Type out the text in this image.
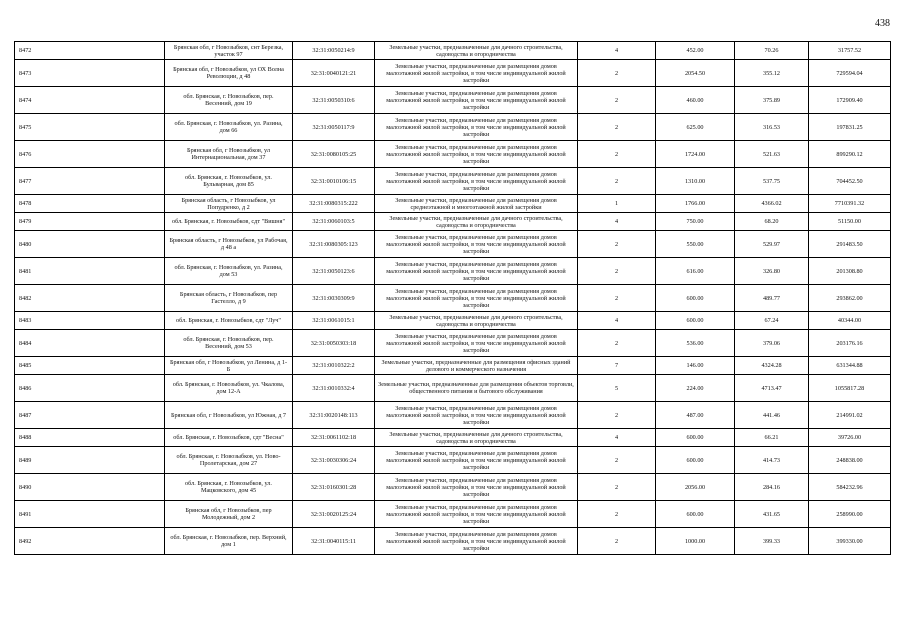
438
8472	Брянская обл, г Новозыбков, снт Березка, участок 97	32:31:0050214:9	Земельные участки, предназначенные для дачного строительства, садоводства и огородничества	4	452.00	70.26	31757.52
8473	Брянская обл, г Новозыбков, ул ОХ Волна Революции, д 48	32:31:0040121:21	Земельные участки, предназначенные для размещения домов малоэтажной жилой застройки, в том числе индивидуальной жилой застройки	2	2054.50	355.12	729594.04
8474	обл. Брянская, г. Новозыбков, пер. Весенний, дом 19	32:31:0050310:6	Земельные участки, предназначенные для размещения домов малоэтажной жилой застройки, в том числе индивидуальной жилой застройки	2	460.00	375.89	172909.40
8475	обл. Брянская, г. Новозыбков, ул. Разина, дом 66	32:31:0050117:9	Земельные участки, предназначенные для размещения домов малоэтажной жилой застройки, в том числе индивидуальной жилой застройки	2	625.00	316.53	197831.25
8476	Брянская обл, г Новозыбков, ул Интернациональная, дом 37	32:31:0080105:25	Земельные участки, предназначенные для размещения домов малоэтажной жилой застройки, в том числе индивидуальной жилой застройки	2	1724.00	521.63	899290.12
8477	обл. Брянская, г. Новозыбков, ул. Бульварная, дом 85	32:31:0010106:15	Земельные участки, предназначенные для размещения домов малоэтажной жилой застройки, в том числе индивидуальной жилой застройки	2	1310.00	537.75	704452.50
8478	Брянская область, г Новозыбков, ул Попудренко, д 2	32:31:0080315:222	Земельные участки, предназначенные для размещения домов среднеэтажной и многоэтажной жилой застройки	1	1766.00	4366.02	7710391.32
8479	обл. Брянская, г. Новозыбков, сдт "Вишня"	32:31:0060103:5	Земельные участки, предназначенные для дачного строительства, садоводства и огородничества	4	750.00	68.20	51150.00
8480	Брянская область, г Новозыбков, ул Рабочая, д 48 а	32:31:0080305:123	Земельные участки, предназначенные для размещения домов малоэтажной жилой застройки, в том числе индивидуальной жилой застройки	2	550.00	529.97	291483.50
8481	обл. Брянская, г. Новозыбков, ул. Разина, дом 53	32:31:0050123:6	Земельные участки, предназначенные для размещения домов малоэтажной жилой застройки, в том числе индивидуальной жилой застройки	2	616.00	326.80	201308.80
8482	Брянская область, г Новозыбков, пер Гастелло, д 9	32:31:0030309:9	Земельные участки, предназначенные для размещения домов малоэтажной жилой застройки, в том числе индивидуальной жилой застройки	2	600.00	489.77	293862.00
8483	обл. Брянская, г. Новозыбков, сдт "Луч"	32:31:0061015:1	Земельные участки, предназначенные для дачного строительства, садоводства и огородничества	4	600.00	67.24	40344.00
8484	обл. Брянская, г. Новозыбков, пер. Весенний, дом 53	32:31:0050303:18	Земельные участки, предназначенные для размещения домов малоэтажной жилой застройки, в том числе индивидуальной жилой застройки	2	536.00	379.06	203176.16
8485	Брянская обл, г Новозыбков, ул Ленина, д 1-Б	32:31:0010322:2	Земельные участки, предназначенные для размещения офисных зданий делового и коммерческого назначения	7	146.00	4324.28	631344.88
8486	обл. Брянская, г. Новозыбков, ул. Чкалова, дом 12-А	32:31:0010332:4	Земельные участки, предназначенные для размещения объектов торговли, общественного питания и бытового обслуживания	5	224.00	4713.47	1055817.28
8487	Брянская обл, г Новозыбков, ул Южная, д 7	32:31:0020148:113	Земельные участки, предназначенные для размещения домов малоэтажной жилой застройки, в том числе индивидуальной жилой застройки	2	487.00	441.46	214991.02
8488	обл. Брянская, г. Новозыбков, сдт "Весна"	32:31:0061102:18	Земельные участки, предназначенные для дачного строительства, садоводства и огородничества	4	600.00	66.21	39726.00
8489	обл. Брянская, г. Новозыбков, ул. Ново-Пролетарская, дом 27	32:31:0030306:24	Земельные участки, предназначенные для размещения домов малоэтажной жилой застройки, в том числе индивидуальной жилой застройки	2	600.00	414.73	248838.00
8490	обл. Брянская, г. Новозыбков, ул. Мацковского, дом 45	32:31:0160301:28	Земельные участки, предназначенные для размещения домов малоэтажной жилой застройки, в том числе индивидуальной жилой застройки	2	2056.00	284.16	584232.96
8491	Брянская обл, г Новозыбков, пер Молодежный, дом 2	32:31:0020125:24	Земельные участки, предназначенные для размещения домов малоэтажной жилой застройки, в том числе индивидуальной жилой застройки	2	600.00	431.65	258990.00
8492	обл. Брянская, г. Новозыбков, пер. Верхний, дом 1	32:31:0040115:11	Земельные участки, предназначенные для размещения домов малоэтажной жилой застройки, в том числе индивидуальной жилой застройки	2	1000.00	399.33	399330.00
